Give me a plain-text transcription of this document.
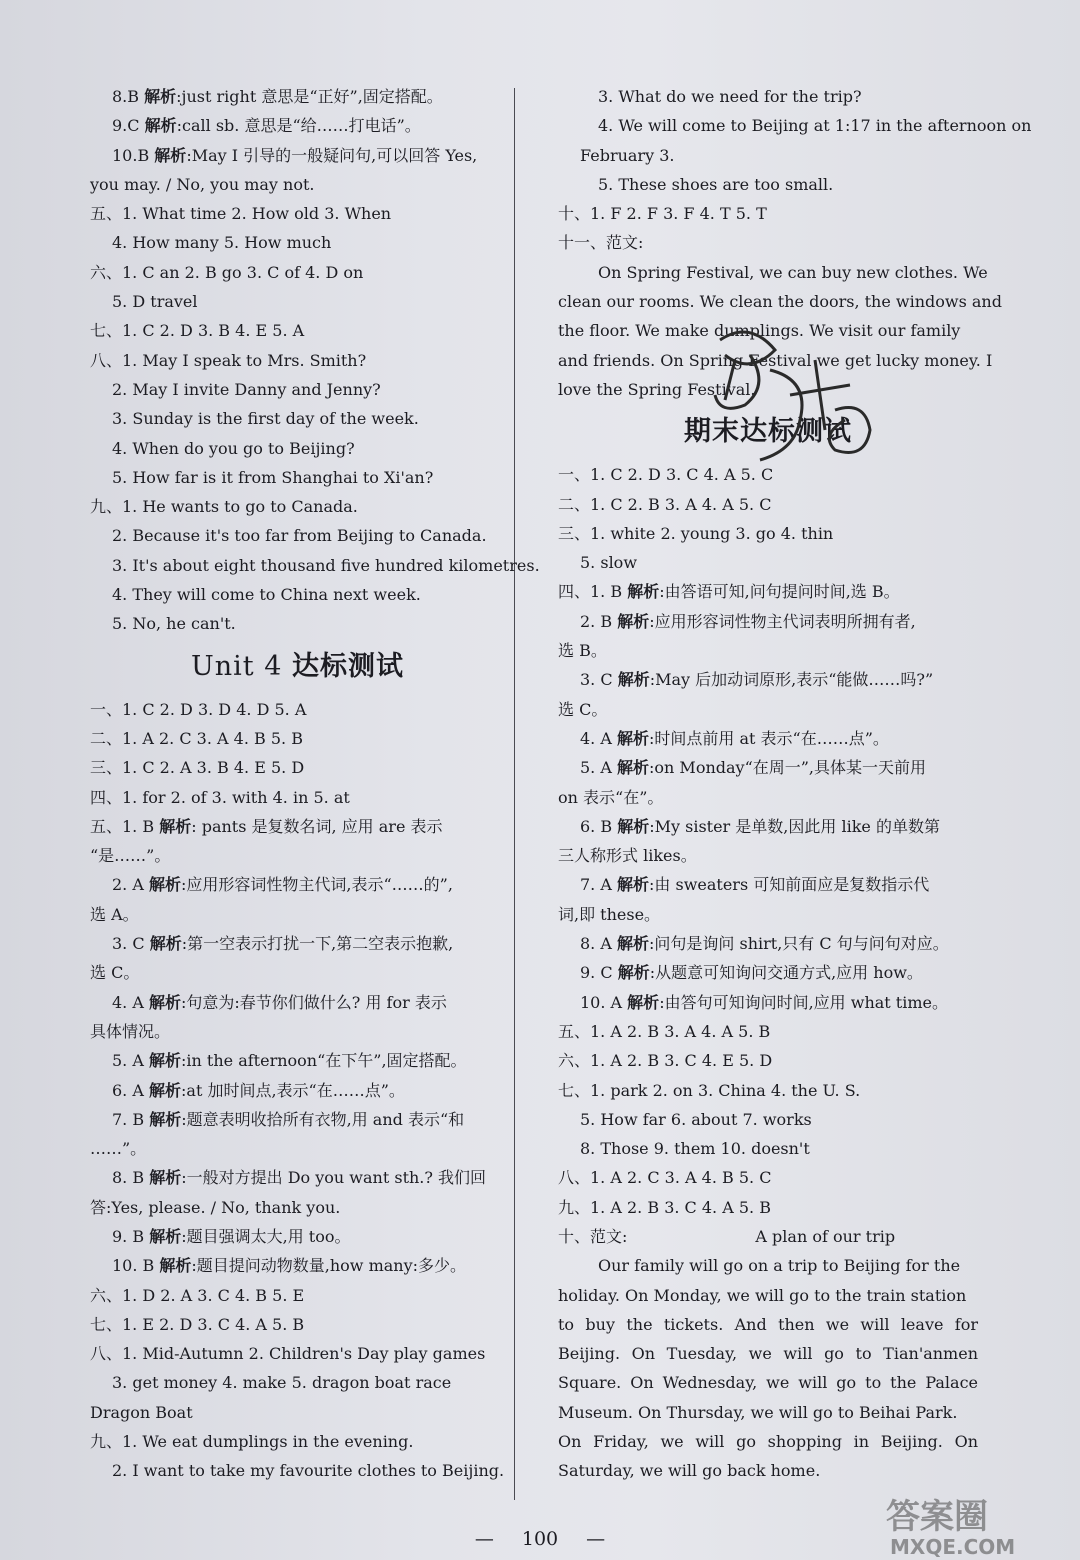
8.B 解析:just right 意思是“正好”,固定搭配。
9.C 解析:call sb. 意思是“给……打电话”。
10.B 解析:May I 引导的一般疑问句,可以回答 Yes,
you may. / No, you may not.
五、1. What time 2. How old 3. When
4. How many 5. How much
六、1. C an 2. B go 3. C of 4. D on
5. D travel
七、1. C 2. D 3. B 4. E 5. A
八、1. May I speak to Mrs. Smith?
2. May I invite Danny and Jenny?
3. Sunday is the first day of the week.
4. When do you go to Beijing?
5. How far is it from Shanghai to Xi'an?
九、1. He wants to go to Canada.
2. Because it's too far from Beijing to Canada.
3. It's about eight thousand five hundred kilometres.
4. They will come to China next week.
5. No, he can't.
Unit 4 达标测试
一、1. C 2. D 3. D 4. D 5. A
二、1. A 2. C 3. A 4. B 5. B
三、1. C 2. A 3. B 4. E 5. D
四、1. for 2. of 3. with 4. in 5. at
五、1. B 解析: pants 是复数名词, 应用 are 表示
“是……”。
2. A 解析:应用形容词性物主代词,表示“……的”,
选 A。
3. C 解析:第一空表示打扰一下,第二空表示抱歉,
选 C。
4. A 解析:句意为:春节你们做什么? 用 for 表示
具体情况。
5. A 解析:in the afternoon“在下午”,固定搭配。
6. A 解析:at 加时间点,表示“在……点”。
7. B 解析:题意表明收拾所有衣物,用 and 表示“和
……”。
8. B 解析:一般对方提出 Do you want sth.? 我们回
答:Yes, please. / No, thank you.
9. B 解析:题目强调太大,用 too。
10. B 解析:题目提问动物数量,how many:多少。
六、1. D 2. A 3. C 4. B 5. E
七、1. E 2. D 3. C 4. A 5. B
八、1. Mid-Autumn 2. Children's Day play games
3. get money 4. make 5. dragon boat race
Dragon Boat
九、1. We eat dumplings in the evening.
2. I want to take my favourite clothes to Beijing.
3. What do we need for the trip?
4. We will come to Beijing at 1:17 in the afternoon on
February 3.
5. These shoes are too small.
十、1. F 2. F 3. F 4. T 5. T
十一、范文:
On Spring Festival, we can buy new clothes. We
clean our rooms. We clean the doors, the windows and
the floor. We make dumplings. We visit our family
and friends. On Spring Festival we get lucky money. I
love the Spring Festival.
期末达标测试
一、1. C 2. D 3. C 4. A 5. C
二、1. C 2. B 3. A 4. A 5. C
三、1. white 2. young 3. go 4. thin
5. slow
四、1. B 解析:由答语可知,问句提问时间,选 B。
2. B 解析:应用形容词性物主代词表明所拥有者,
选 B。
3. C 解析:May 后加动词原形,表示“能做……吗?”
选 C。
4. A 解析:时间点前用 at 表示“在……点”。
5. A 解析:on Monday“在周一”,具体某一天前用
on 表示“在”。
6. B 解析:My sister 是单数,因此用 like 的单数第
三人称形式 likes。
7. A 解析:由 sweaters 可知前面应是复数指示代
词,即 these。
8. A 解析:问句是询问 shirt,只有 C 句与问句对应。
9. C 解析:从题意可知询问交通方式,应用 how。
10. A 解析:由答句可知询问时间,应用 what time。
五、1. A 2. B 3. A 4. A 5. B
六、1. A 2. B 3. C 4. E 5. D
七、1. park 2. on 3. China 4. the U. S.
5. How far 6. about 7. works
8. Those 9. them 10. doesn't
八、1. A 2. C 3. A 4. B 5. C
九、1. A 2. B 3. C 4. A 5. B
十、范文:	A plan of our trip
Our family will go on a trip to Beijing for the
holiday. On Monday, we will go to the train station
to buy the tickets. And then we will leave for
Beijing. On Tuesday, we will go to Tian'anmen
Square. On Wednesday, we will go to the Palace
Museum. On Thursday, we will go to Beihai Park.
On Friday, we will go shopping in Beijing. On
Saturday, we will go back home.
— 100 —
答案圈
MXQE.COM
